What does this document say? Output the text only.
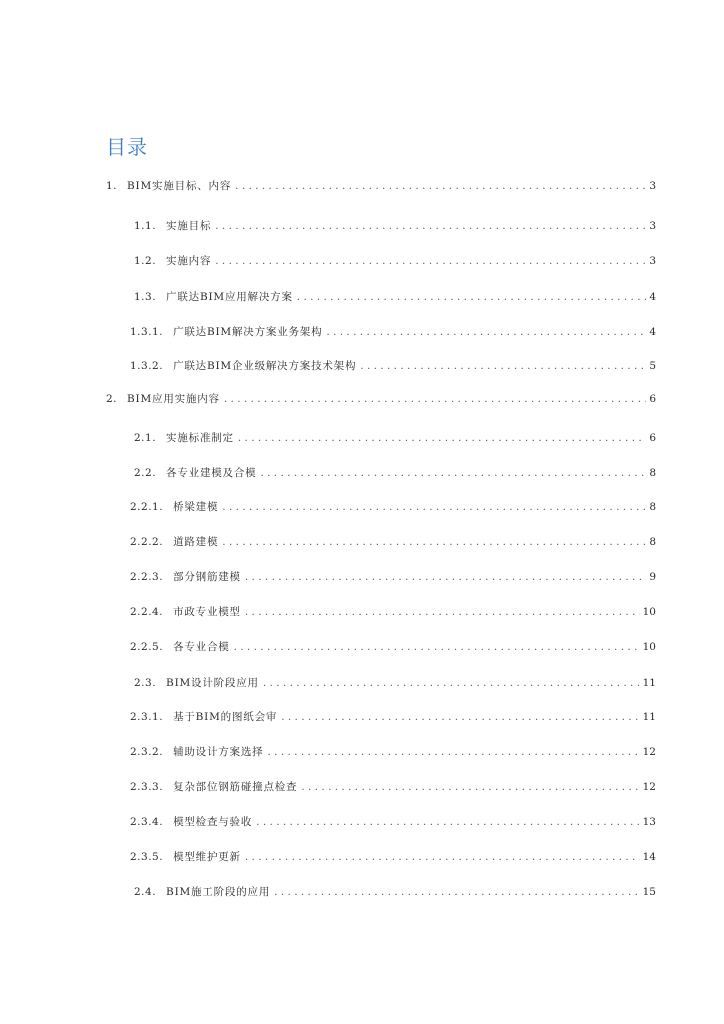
目录
1. BIM实施目标、内容 . . .	3
1.1. 实施目标 . . .	3
1.2. 实施内容 . . .	3
1.3. 广联达BIM应用解决方案 . . .	4
1.3.1. 广联达BIM解决方案业务架构 . . .	4
1.3.2. 广联达BIM企业级解决方案技术架构 . . .	5
2. BIM应用实施内容 . . .	6
2.1. 实施标准制定 . . .	6
2.2. 各专业建模及合模 . . .	8
2.2.1. 桥梁建模 . . .	8
2.2.2. 道路建模 . . .	8
2.2.3. 部分钢筋建模 . . .	9
2.2.4. 市政专业模型 . . .	10
2.2.5. 各专业合模 . . .	10
2.3. BIM设计阶段应用 . . .	11
2.3.1. 基于BIM的图纸会审 . . .	11
2.3.2. 辅助设计方案选择 . . .	12
2.3.3. 复杂部位钢筋碰撞点检查 . . .	12
2.3.4. 模型检查与验收 . . .	13
2.3.5. 模型维护更新 . . .	14
2.4. BIM施工阶段的应用 . . .	15
